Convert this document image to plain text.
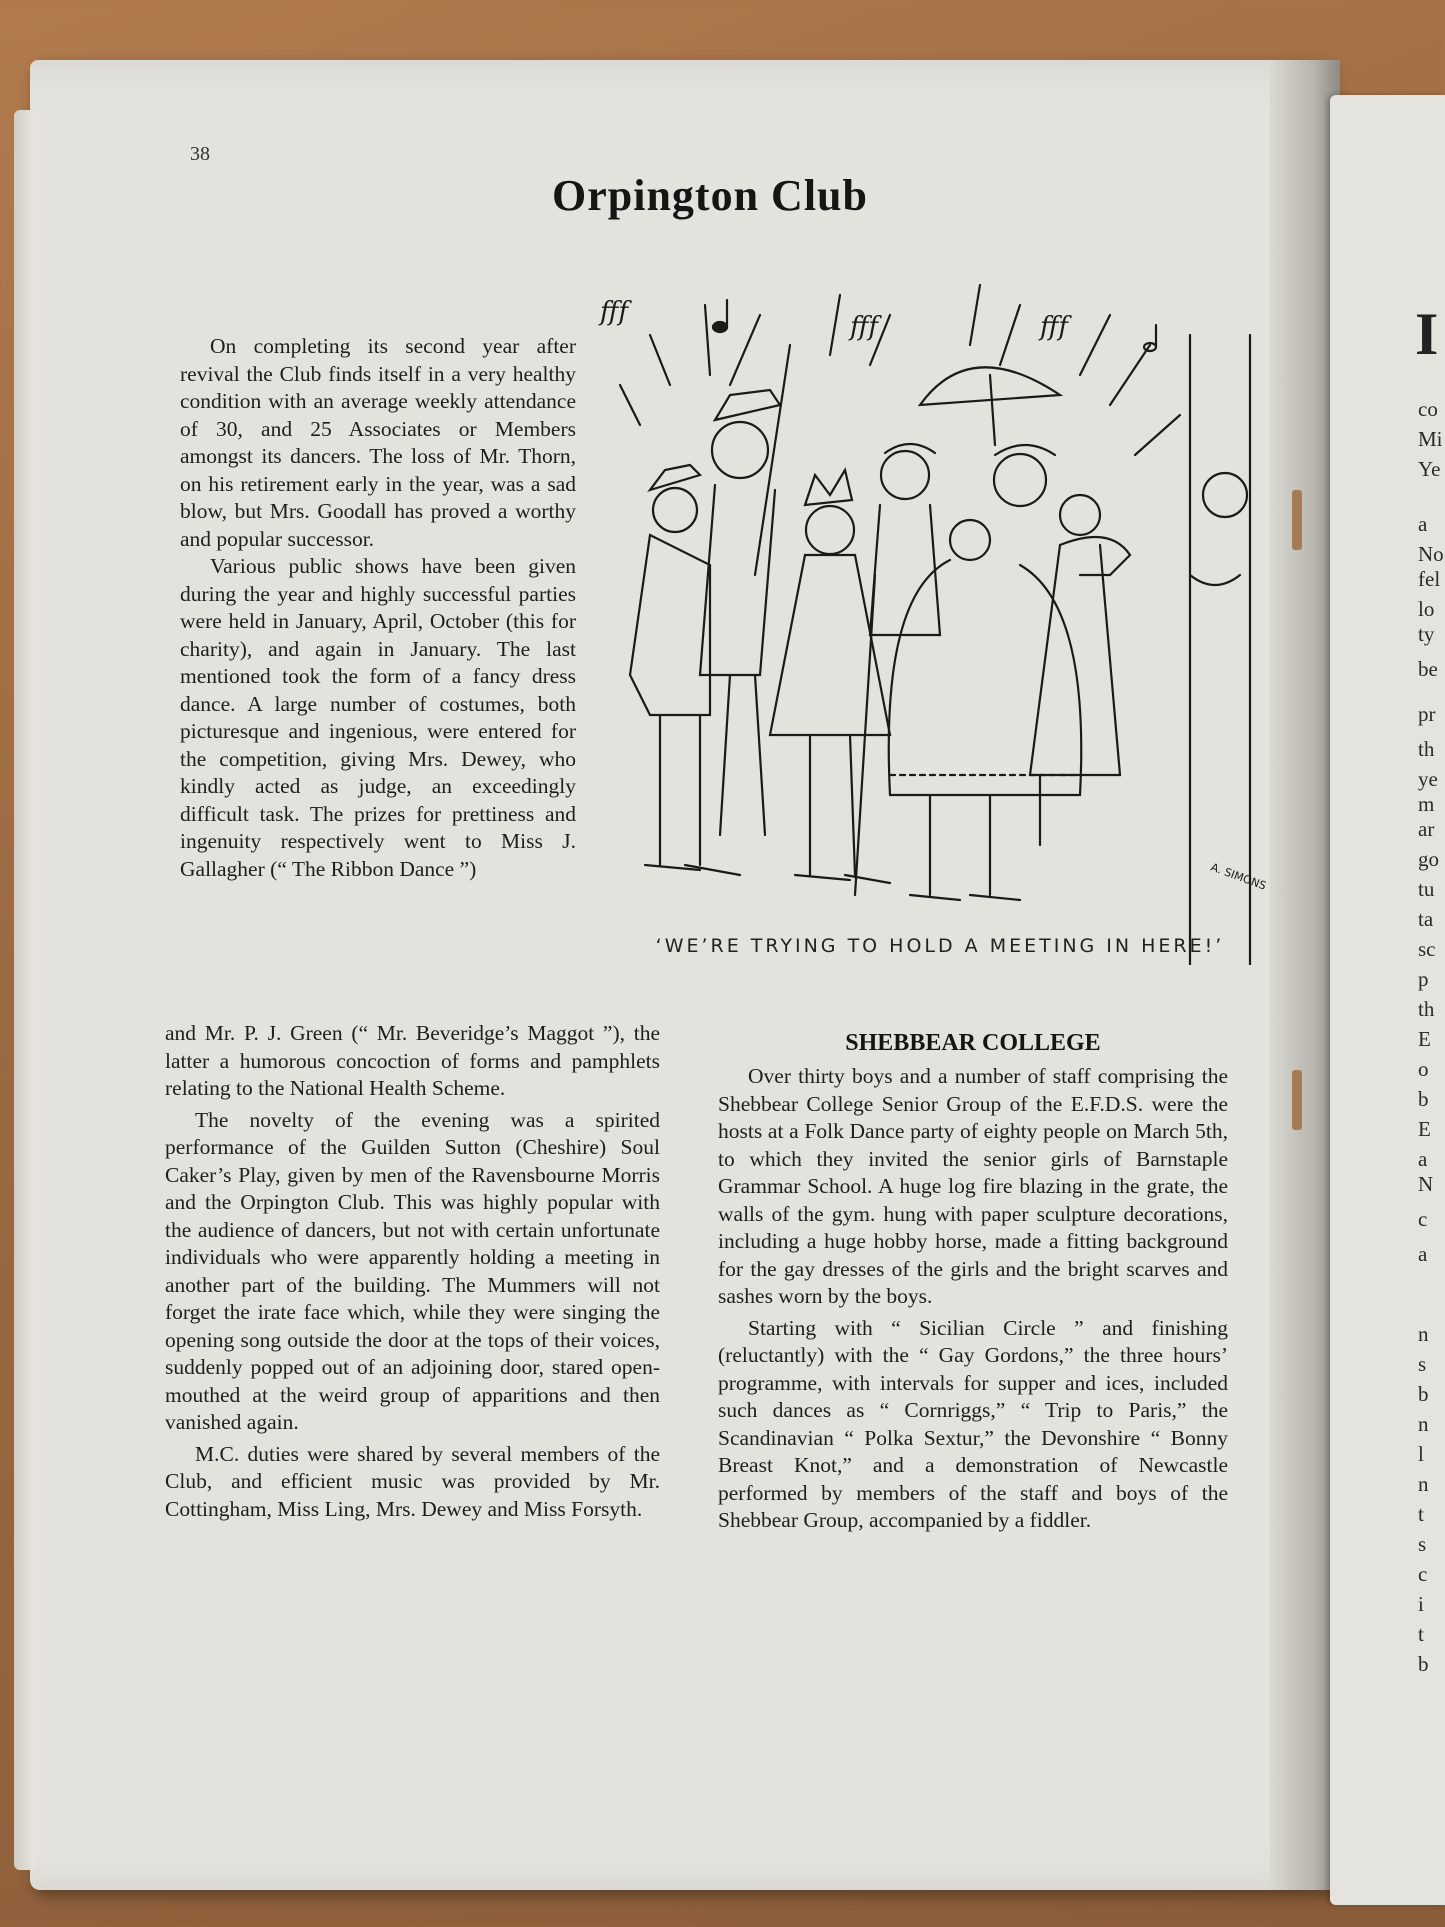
I
co
Mi
Ye
a
No
fel
lo
ty
be
pr
th
ye
m
ar
go
tu
ta
sc
p
th
E
o
b
E
a
N
c
a
n
s
b
n
l
n
t
s
c
i
t
b
38
Orpington Club

On completing its second year after revival the Club finds itself in a very healthy condition with an average weekly attendance of 30, and 25 Associates or Members amongst its dancers. The loss of Mr. Thorn, on his retirement early in the year, was a sad blow, but Mrs. Goodall has proved a worthy and popular successor.

Various public shows have been given during the year and highly successful parties were held in January, April, October (this for charity), and again in January. The last mentioned took the form of a fancy dress dance. A large number of costumes, both picturesque and ingenious, were entered for the competition, giving Mrs. Dewey, who kindly acted as judge, an exceedingly difficult task. The prizes for prettiness and ingenuity respectively went to Miss J. Gallagher (“ The Ribbon Dance ”)

and Mr. P. J. Green (“ Mr. Beveridge’s Maggot ”), the latter a humorous concoction of forms and pamphlets relating to the National Health Scheme.

The novelty of the evening was a spirited performance of the Guilden Sutton (Cheshire) Soul Caker’s Play, given by men of the Ravensbourne Morris and the Orpington Club. This was highly popular with the audience of dancers, but not with certain unfortunate individuals who were apparently holding a meeting in another part of the building. The Mummers will not forget the irate face which, while they were singing the opening song outside the door at the tops of their voices, suddenly popped out of an adjoining door, stared open-mouthed at the weird group of apparitions and then vanished again.

M.C. duties were shared by several members of the Club, and efficient music was provided by Mr. Cottingham, Miss Ling, Mrs. Dewey and Miss Forsyth.

fff	fff	fff
A. SIMONS
‘WE’RE TRYING TO HOLD A MEETING IN HERE!’
SHEBBEAR COLLEGE

Over thirty boys and a number of staff comprising the Shebbear College Senior Group of the E.F.D.S. were the hosts at a Folk Dance party of eighty people on March 5th, to which they invited the senior girls of Barnstaple Grammar School. A huge log fire blazing in the grate, the walls of the gym. hung with paper sculpture decorations, including a huge hobby horse, made a fitting background for the gay dresses of the girls and the bright scarves and sashes worn by the boys.

Starting with “ Sicilian Circle ” and finishing (reluctantly) with the “ Gay Gordons,” the three hours’ programme, with intervals for supper and ices, included such dances as “ Cornriggs,” “ Trip to Paris,” the Scandinavian “ Polka Sextur,” the Devonshire “ Bonny Breast Knot,” and a demonstration of Newcastle performed by members of the staff and boys of the Shebbear Group, accompanied by a fiddler.
